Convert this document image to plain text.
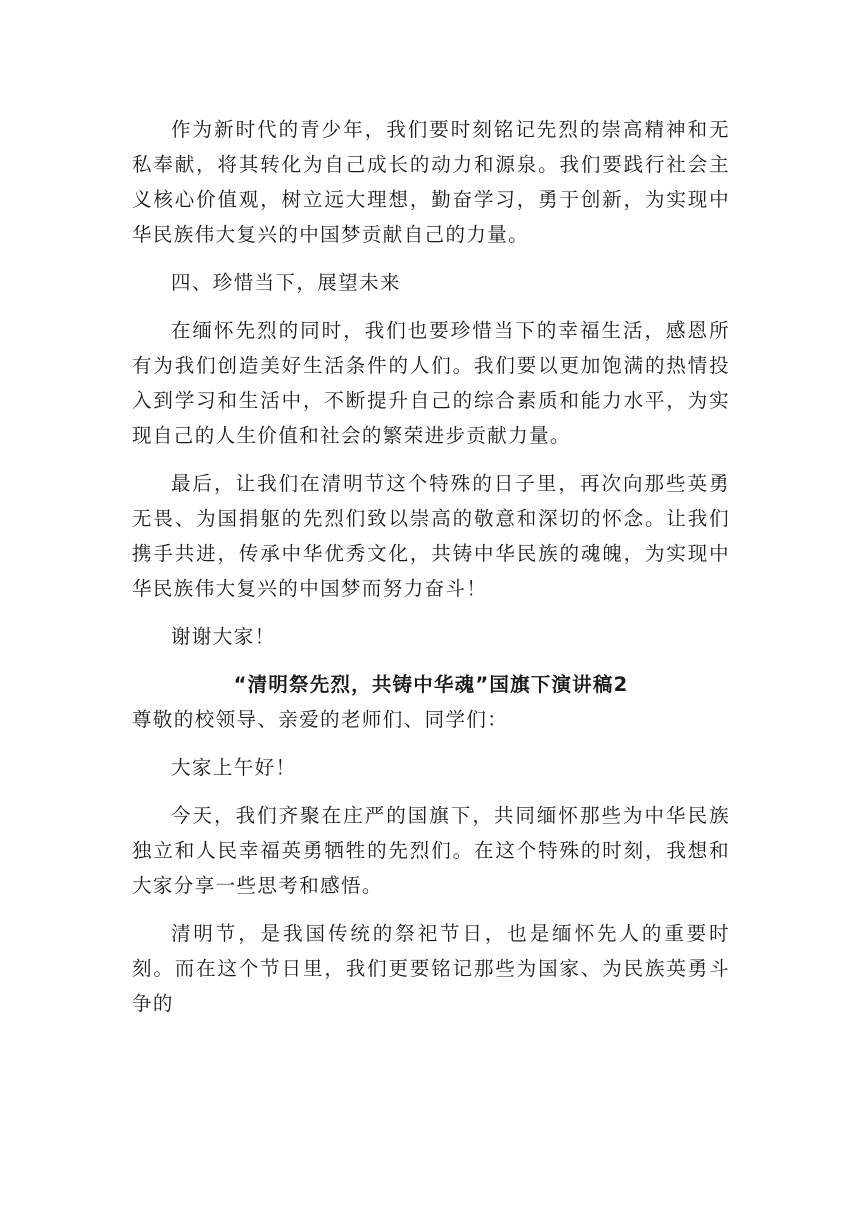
作为新时代的青少年，我们要时刻铭记先烈的崇高精神和无私奉献，将其转化为自己成长的动力和源泉。我们要践行社会主义核心价值观，树立远大理想，勤奋学习，勇于创新，为实现中华民族伟大复兴的中国梦贡献自己的力量。

四、珍惜当下，展望未来

在缅怀先烈的同时，我们也要珍惜当下的幸福生活，感恩所有为我们创造美好生活条件的人们。我们要以更加饱满的热情投入到学习和生活中，不断提升自己的综合素质和能力水平，为实现自己的人生价值和社会的繁荣进步贡献力量。

最后，让我们在清明节这个特殊的日子里，再次向那些英勇无畏、为国捐躯的先烈们致以崇高的敬意和深切的怀念。让我们携手共进，传承中华优秀文化，共铸中华民族的魂魄，为实现中华民族伟大复兴的中国梦而努力奋斗！

谢谢大家！

“清明祭先烈，共铸中华魂”国旗下演讲稿2

尊敬的校领导、亲爱的老师们、同学们：

大家上午好！

今天，我们齐聚在庄严的国旗下，共同缅怀那些为中华民族独立和人民幸福英勇牺牲的先烈们。在这个特殊的时刻，我想和大家分享一些思考和感悟。

清明节，是我国传统的祭祀节日，也是缅怀先人的重要时刻。而在这个节日里，我们更要铭记那些为国家、为民族英勇斗争的
